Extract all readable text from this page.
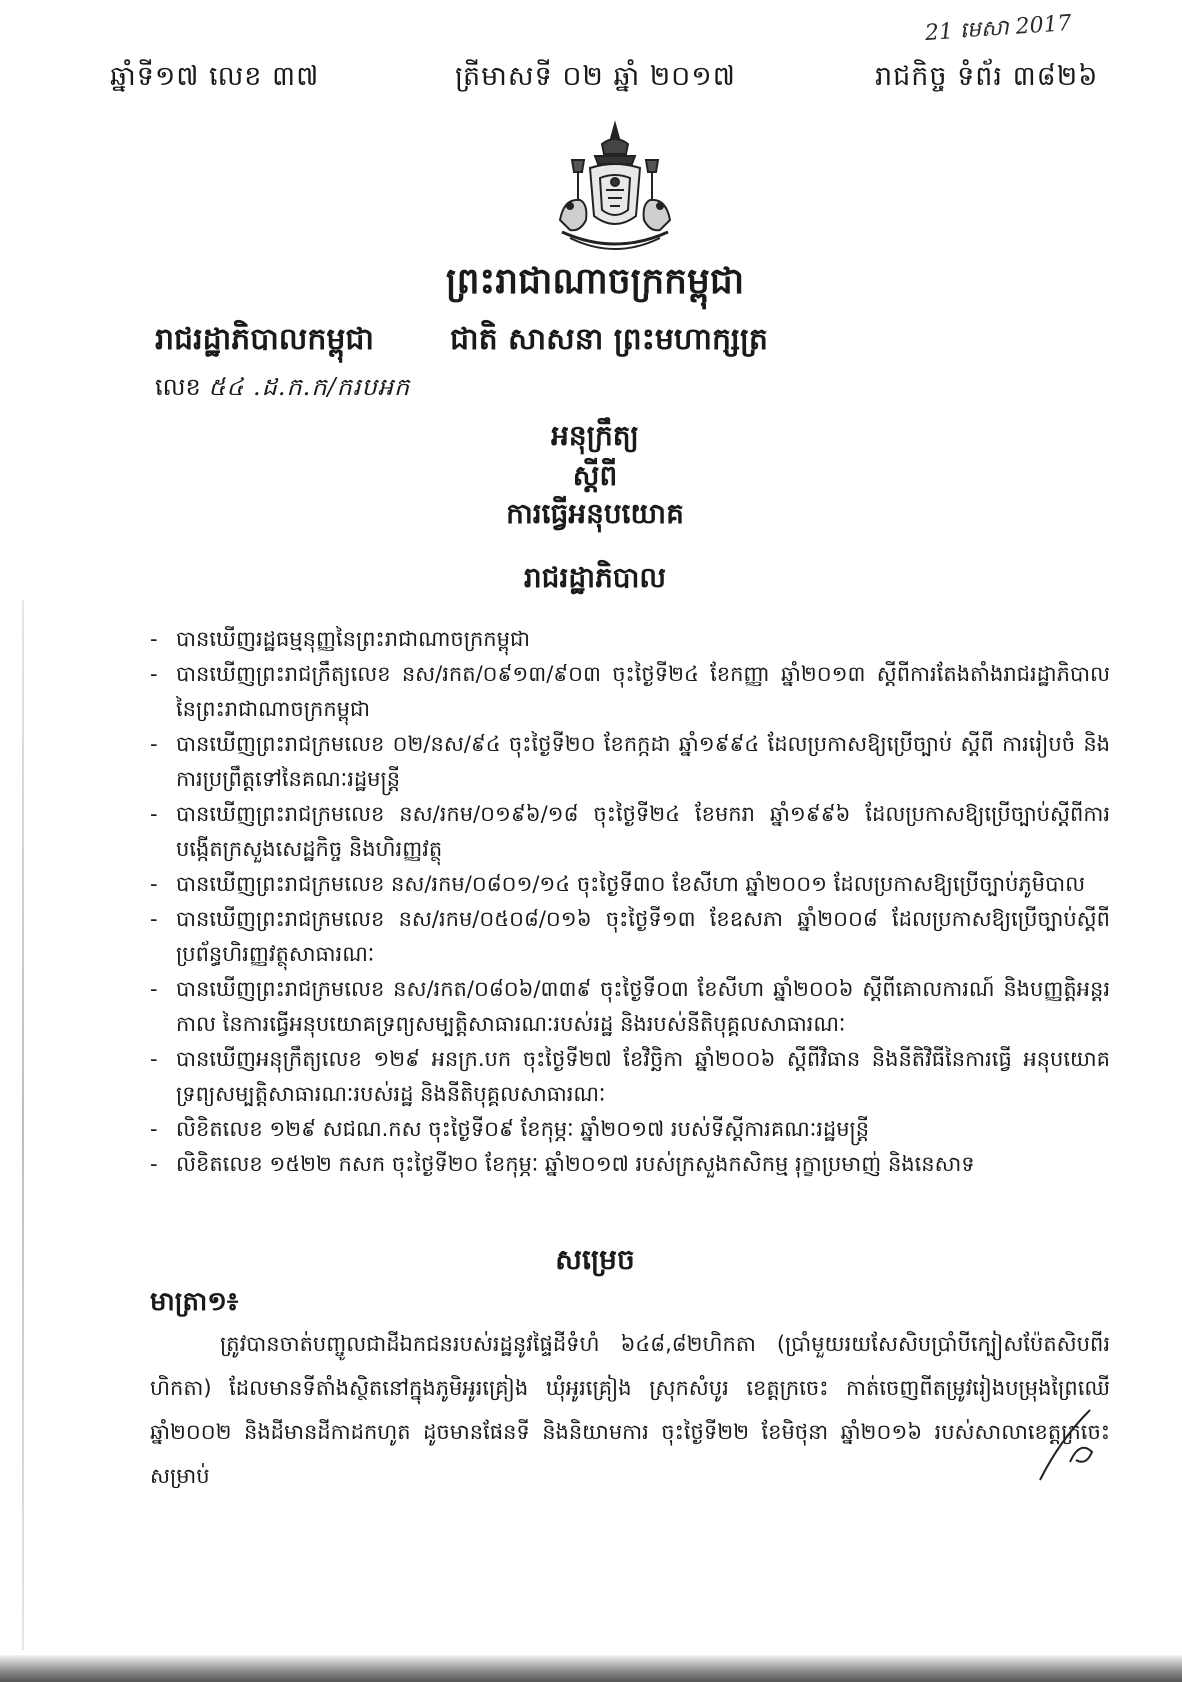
21 មេសា 2017
ឆ្នាំទី១៧ លេខ ៣៧	ត្រីមាសទី ០២ ឆ្នាំ ២០១៧	រាជកិច្ច ទំព័រ ៣៨២៦
ព្រះរាជាណាចក្រកម្ពុជា
រាជរដ្ឋាភិបាលកម្ពុជា	ជាតិ សាសនា ព្រះមហាក្សត្រ
លេខ ៥៤ .ដ.ក.ក/ករបអក
អនុក្រឹត្យ
ស្តីពី
ការធ្វើអនុបយោគ
រាជរដ្ឋាភិបាល
- បានឃើញរដ្ឋធម្មនុញ្ញនៃព្រះរាជាណាចក្រកម្ពុជា
- បានឃើញព្រះរាជក្រឹត្យលេខ នស/រកត/០៩១៣/៩០៣ ចុះថ្ងៃទី២៤ ខែកញ្ញា ឆ្នាំ២០១៣ ស្តីពីការតែងតាំងរាជរដ្ឋាភិបាល នៃព្រះរាជាណាចក្រកម្ពុជា
- បានឃើញព្រះរាជក្រមលេខ ០២/នស/៩៤ ចុះថ្ងៃទី២០ ខែកក្កដា ឆ្នាំ១៩៩៤ ដែលប្រកាសឱ្យប្រើច្បាប់ ស្តីពី ការរៀបចំ និងការប្រព្រឹត្តទៅនៃគណៈរដ្ឋមន្ត្រី
- បានឃើញព្រះរាជក្រមលេខ នស/រកម/០១៩៦/១៨ ចុះថ្ងៃទី២៤ ខែមករា ឆ្នាំ១៩៩៦ ដែលប្រកាសឱ្យប្រើច្បាប់ស្តីពីការបង្កើតក្រសួងសេដ្ឋកិច្ច និងហិរញ្ញវត្ថុ
- បានឃើញព្រះរាជក្រមលេខ នស/រកម/០៨០១/១៤ ចុះថ្ងៃទី៣០ ខែសីហា ឆ្នាំ២០០១ ដែលប្រកាសឱ្យប្រើច្បាប់ភូមិបាល
- បានឃើញព្រះរាជក្រមលេខ នស/រកម/០៥០៨/០១៦ ចុះថ្ងៃទី១៣ ខែឧសភា ឆ្នាំ២០០៨ ដែលប្រកាសឱ្យប្រើច្បាប់ស្តីពីប្រព័ន្ធហិរញ្ញវត្ថុសាធារណៈ
- បានឃើញព្រះរាជក្រមលេខ នស/រកត/០៨០៦/៣៣៩ ចុះថ្ងៃទី០៣ ខែសីហា ឆ្នាំ២០០៦ ស្តីពីគោលការណ៍ និងបញ្ញត្តិអន្តរកាល នៃការធ្វើអនុបយោគទ្រព្យសម្បត្តិសាធារណៈរបស់រដ្ឋ និងរបស់នីតិបុគ្គលសាធារណៈ
- បានឃើញអនុក្រឹត្យលេខ ១២៩ អនក្រ.បក ចុះថ្ងៃទី២៧ ខែវិច្ឆិកា ឆ្នាំ២០០៦ ស្តីពីវិធាន និងនីតិវិធីនៃការធ្វើ អនុបយោគទ្រព្យសម្បត្តិសាធារណៈរបស់រដ្ឋ និងនីតិបុគ្គលសាធារណៈ
- លិខិតលេខ ១២៩ សជណ.កស ចុះថ្ងៃទី០៩ ខែកុម្ភៈ ឆ្នាំ២០១៧ របស់ទីស្តីការគណៈរដ្ឋមន្ត្រី
- លិខិតលេខ ១៥២២ កសក ចុះថ្ងៃទី២០ ខែកុម្ភៈ ឆ្នាំ២០១៧ របស់ក្រសួងកសិកម្ម រុក្ខាប្រមាញ់ និងនេសាទ
សម្រេច
មាត្រា១៖

ត្រូវបានចាត់បញ្ចូលជាដីឯកជនរបស់រដ្ឋនូវផ្ទៃដីទំហំ ៦៤៨,៨២ហិកតា (ប្រាំមួយរយសែសិបប្រាំបីក្បៀសប៉ែតសិបពីរហិកតា) ដែលមានទីតាំងស្ថិតនៅក្នុងភូមិអូរគ្រៀង ឃុំអូរគ្រៀង ស្រុកសំបូរ ខេត្តក្រចេះ កាត់ចេញពីតម្រូវរៀងបម្រុងព្រៃឈើឆ្នាំ២០០២ និងដីមានដីកាដកហូត ដូចមានផែនទី និងនិយាមការ ចុះថ្ងៃទី២២ ខែមិថុនា ឆ្នាំ២០១៦ របស់សាលាខេត្តក្រចេះ សម្រាប់
